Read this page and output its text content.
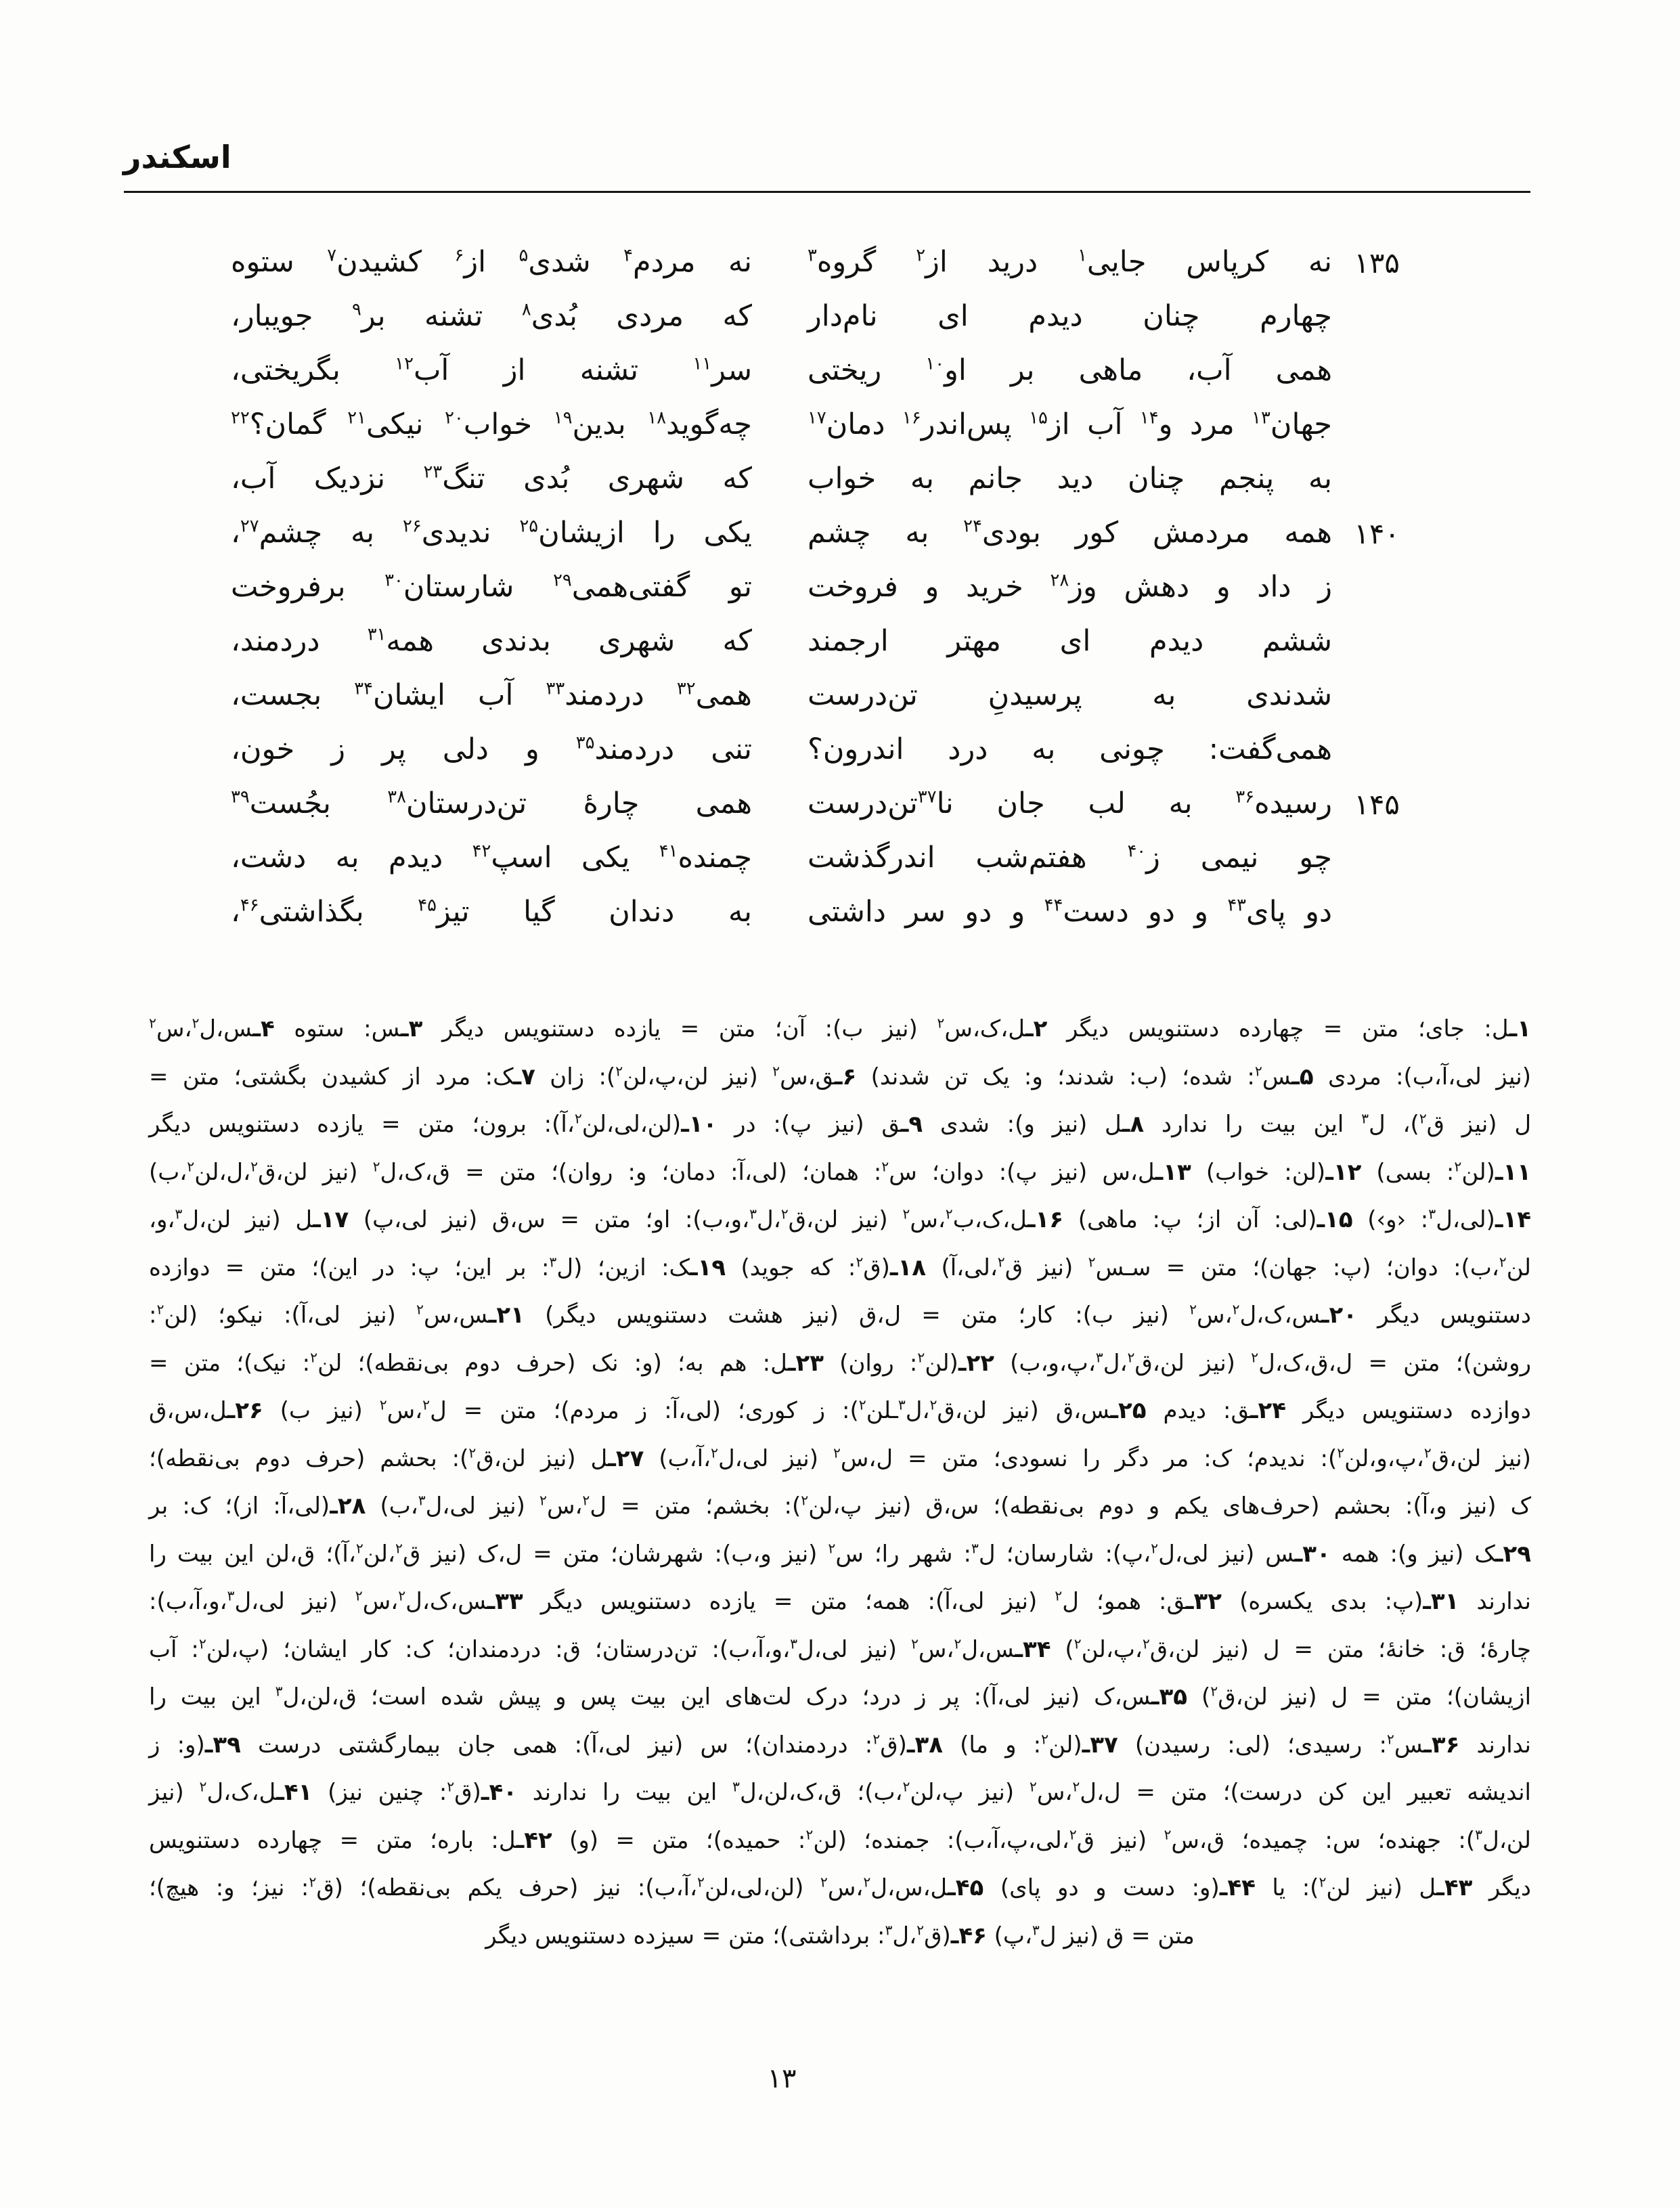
اسکندر
۱۳۵
نه کرپاس جایی$^۱$ درید از$^۲$ گروه$^۳$
نه مردم$^۴$ شدی$^۵$ از$^۶$ کشیدن$^۷$ ستوه
چهارم چنان دیدم ای نام‌دار
که مردی بُدی$^۸$ تشنه بر$^۹$ جویبار،
همی آب، ماهی بر او$^{۱۰}$ ریختی
سر$^{۱۱}$ تشنه از آب$^{۱۲}$ بگریختی،
جهان$^{۱۳}$ مرد و$^{۱۴}$ آب از$^{۱۵}$ پس‌اندر$^{۱۶}$ دمان$^{۱۷}$
چه‌گوید$^{۱۸}$ بدین$^{۱۹}$ خواب$^{۲۰}$ نیکی$^{۲۱}$ گمان؟$^{۲۲}$
به پنجم چنان دید جانم به خواب
که شهری بُدی تنگ$^{۲۳}$ نزدیک آب،
۱۴۰
همه مردمش کور بودی$^{۲۴}$ به چشم
یکی را ازیشان$^{۲۵}$ ندیدی$^{۲۶}$ به چشم$^{۲۷}$،
ز داد و دهش وز$^{۲۸}$ خرید و فروخت
تو گفتی‌همی$^{۲۹}$ شارستان$^{۳۰}$ برفروخت
ششم دیدم ای مهتر ارجمند
که شهری بدندی همه$^{۳۱}$ دردمند،
شدندی به پرسیدنِ تن‌درست
همی$^{۳۲}$ دردمند$^{۳۳}$ آب ایشان$^{۳۴}$ بجست،
همی‌گفت: چونی به درد اندرون؟
تنی دردمند$^{۳۵}$ و دلی پر ز خون،
۱۴۵
رسیده$^{۳۶}$ به لب جان نا$^{۳۷}$تن‌درست
همی چارهٔ تن‌درستان$^{۳۸}$ بجُست$^{۳۹}$
چو نیمی ز$^{۴۰}$ هفتم‌شب اندرگذشت
چمنده$^{۴۱}$ یکی اسپ$^{۴۲}$ دیدم به دشت،
دو پای$^{۴۳}$ و دو دست$^{۴۴}$ و دو سر داشتی
به دندان گیا تیز$^{۴۵}$ بگذاشتی$^{۴۶}$،
۱ـل: جای؛ متن = چهارده دستنویس دیگر ۲ـل،ک،س$^۲$ (نیز ب): آن؛ متن = یازده دستنویس دیگر ۳ـس: ستوه ۴ـس،ل$^۲$،س$^۲$
(نیز لی،آ،ب): مردی ۵ـس$^۲$: شده؛ (ب: شدند؛ و: یک تن شدند) ۶ـق،س$^۲$ (نیز لن،پ،لن$^۲$): زان ۷ـک: مرد از کشیدن بگشتی؛ متن =
ل (نیز ق$^۲$)، ل$^۳$ این بیت را ندارد ۸ـل (نیز و): شدی ۹ـق (نیز پ): در ۱۰ـ(لن،لی،لن$^۲$،آ): برون؛ متن = یازده دستنویس دیگر
۱۱ـ(لن$^۲$: بسی) ۱۲ـ(لن: خواب) ۱۳ـل،س (نیز پ): دوان؛ س$^۲$: همان؛ (لی،آ: دمان؛ و: روان)؛ متن = ق،ک،ل$^۲$ (نیز لن،ق$^۲$،ل،لن$^۲$،ب)
۱۴ـ(لی،ل$^۳$: ‹و›) ۱۵ـ(لی: آن از؛ پ: ماهی) ۱۶ـل،ک،ب$^۲$،س$^۲$ (نیز لن،ق$^۲$،ل$^۳$،و،ب): او؛ متن = س،ق (نیز لی،پ) ۱۷ـل (نیز لن،ل$^۳$،و،
لن$^۲$،ب): دوان؛ (پ: جهان)؛ متن = سـس$^۲$ (نیز ق$^۲$،لی،آ) ۱۸ـ(ق$^۲$: که جوید) ۱۹ـک: ازین؛ (ل$^۳$: بر این؛ پ: در این)؛ متن = دوازده
دستنویس دیگر ۲۰ـس،ک،ل$^۲$،س$^۲$ (نیز ب): کار؛ متن = ل،ق (نیز هشت دستنویس دیگر) ۲۱ـس،س$^۲$ (نیز لی،آ): نیکو؛ (لن$^۲$:
روشن)؛ متن = ل،ق،ک،ل$^۲$ (نیز لن،ق$^۲$،ل$^۳$،پ،و،ب) ۲۲ـ(لن$^۲$: روان) ۲۳ـل: هم به؛ (و: نک (حرف دوم بی‌نقطه)؛ لن$^۲$: نیک)؛ متن =
دوازده دستنویس دیگر ۲۴ـق: دیدم ۲۵ـس،ق (نیز لن،ق$^۲$،ل$^۳$ـلن$^۲$): ز کوری؛ (لی،آ: ز مردم)؛ متن = ل$^۲$،س$^۲$ (نیز ب) ۲۶ـل،س،ق
(نیز لن،ق$^۲$،پ،و،لن$^۲$): ندیدم؛ ک: مر دگر را نسودی؛ متن = ل،س$^۲$ (نیز لی،ل$^۲$،آ،ب) ۲۷ـل (نیز لن،ق$^۲$): بحشم (حرف دوم بی‌نقطه)؛
ک (نیز و،آ): بحشم (حرف‌های یکم و دوم بی‌نقطه)؛ س،ق (نیز پ،لن$^۲$): بخشم؛ متن = ل$^۲$،س$^۲$ (نیز لی،ل$^۳$،ب) ۲۸ـ(لی،آ: از)؛ ک: بر
۲۹ـک (نیز و): همه ۳۰ـس (نیز لی،ل$^۲$،پ): شارسان؛ ل$^۳$: شهر را؛ س$^۲$ (نیز و،ب): شهرشان؛ متن = ل،ک (نیز ق$^۲$،لن$^۲$،آ)؛ ق،لن این بیت را
ندارند ۳۱ـ(پ: بدی یکسره) ۳۲ـق: همو؛ ل$^۲$ (نیز لی،آ): همه؛ متن = یازده دستنویس دیگر ۳۳ـس،ک،ل$^۲$،س$^۲$ (نیز لی،ل$^۳$،و،آ،ب):
چارهٔ؛ ق: خانهٔ؛ متن = ل (نیز لن،ق$^۲$،پ،لن$^۲$) ۳۴ـس،ل$^۲$،س$^۲$ (نیز لی،ل$^۳$،و،آ،ب): تن‌درستان؛ ق: دردمندان؛ ک: کار ایشان؛ (پ،لن$^۲$: آب
ازیشان)؛ متن = ل (نیز لن،ق$^۲$) ۳۵ـس،ک (نیز لی،آ): پر ز درد؛ درک لت‌های این بیت پس و پیش شده است؛ ق،لن،ل$^۳$ این بیت را
ندارند ۳۶ـس$^۲$: رسیدی؛ (لی: رسیدن) ۳۷ـ(لن$^۲$: و ما) ۳۸ـ(ق$^۲$: دردمندان)؛ س (نیز لی،آ): همی جان بیمارگشتی درست ۳۹ـ(و: ز
اندیشه تعبیر این کن درست)؛ متن = ل،ل$^۲$،س$^۲$ (نیز پ،لن$^۲$،ب)؛ ق،ک،لن،ل$^۳$ این بیت را ندارند ۴۰ـ(ق$^۲$: چنین نیز) ۴۱ـل،ک،ل$^۲$ (نیز
لن،ل$^۳$): جهنده؛ س: چمیده؛ ق،س$^۲$ (نیز ق$^۲$،لی،پ،آ،ب): جمنده؛ (لن$^۲$: حمیده)؛ متن = (و) ۴۲ـل: باره؛ متن = چهارده دستنویس
دیگر ۴۳ـل (نیز لن$^۲$): یا ۴۴ـ(و: دست و دو پای) ۴۵ـل،س،ل$^۲$،س$^۲$ (لن،لی،لن$^۲$،آ،ب): نیز (حرف یکم بی‌نقطه)؛ (ق$^۲$: نیز؛ و: هیچ)؛
متن = ق (نیز ل$^۳$،پ) ۴۶ـ(ق$^۲$،ل$^۳$: برداشتی)؛ متن = سیزده دستنویس دیگر
۱۳
